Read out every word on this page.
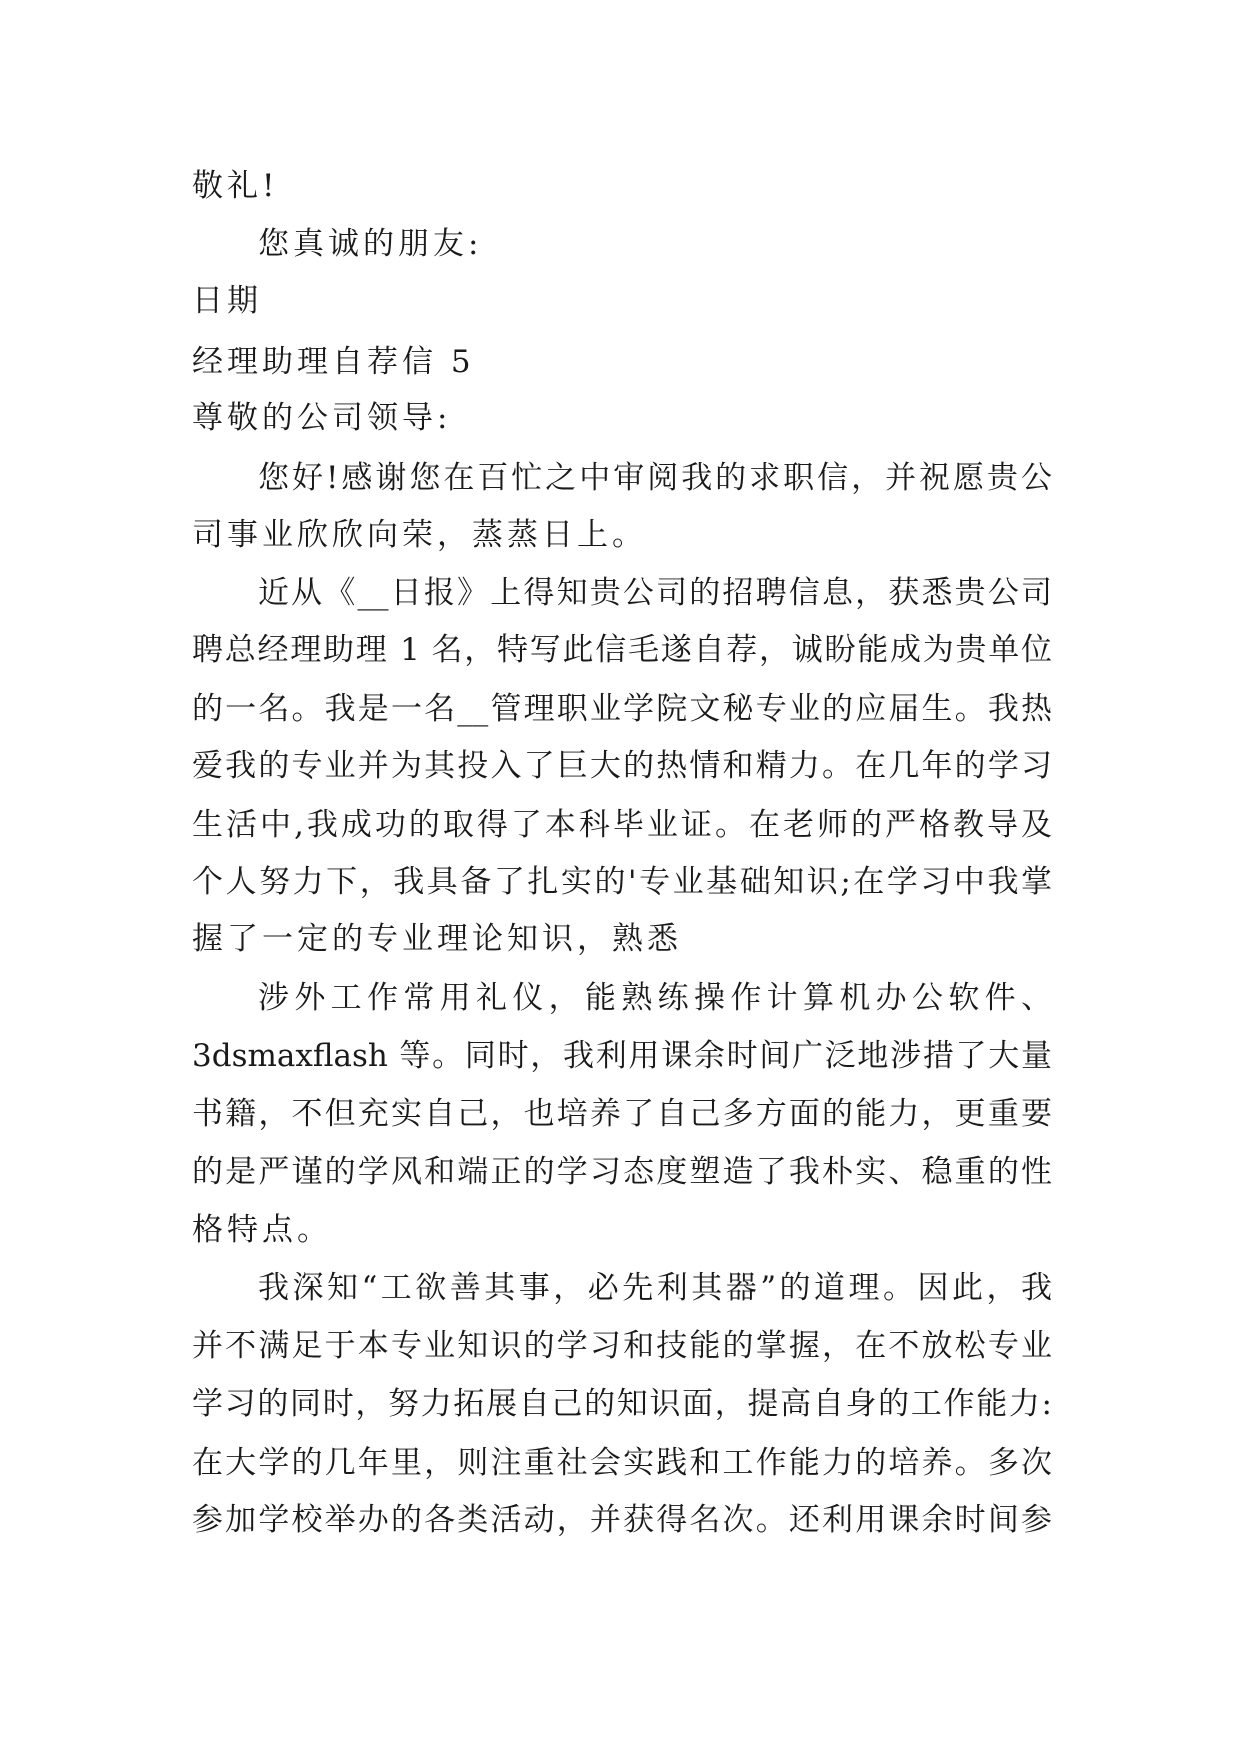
敬礼!
您真诚的朋友:
日期
经理助理自荐信 5
尊敬的公司领导:
您好!感谢您在百忙之中审阅我的求职信，并祝愿贵公
司事业欣欣向荣，蒸蒸日上。
近从《__日报》上得知贵公司的招聘信息，获悉贵公司
聘总经理助理 1 名，特写此信毛遂自荐，诚盼能成为贵单位
的一名。我是一名__管理职业学院文秘专业的应届生。我热
爱我的专业并为其投入了巨大的热情和精力。在几年的学习
生活中,我成功的取得了本科毕业证。在老师的严格教导及
个人努力下，我具备了扎实的'专业基础知识;在学习中我掌
握了一定的专业理论知识，熟悉
涉外工作常用礼仪，能熟练操作计算机办公软件、
3dsmaxflash 等。同时，我利用课余时间广泛地涉措了大量
书籍，不但充实自己，也培养了自己多方面的能力，更重要
的是严谨的学风和端正的学习态度塑造了我朴实、稳重的性
格特点。
我深知“工欲善其事，必先利其器”的道理。因此，我
并不满足于本专业知识的学习和技能的掌握，在不放松专业
学习的同时，努力拓展自己的知识面，提高自身的工作能力:
在大学的几年里，则注重社会实践和工作能力的培养。多次
参加学校举办的各类活动，并获得名次。还利用课余时间参
